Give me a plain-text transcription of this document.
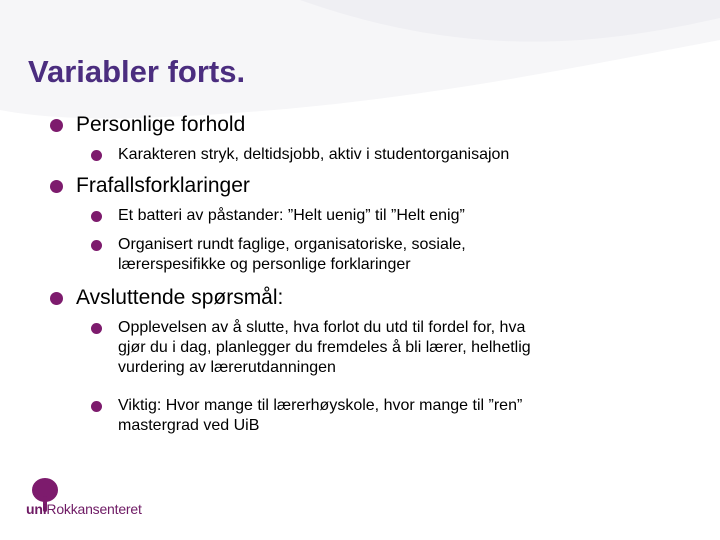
Variabler forts.
Personlige forhold
Karakteren stryk, deltidsjobb, aktiv i studentorganisajon
Frafallsforklaringer
Et batteri av påstander: ”Helt uenig” til ”Helt enig”
Organisert rundt faglige, organisatoriske, sosiale,
lærerspesifikke og personlige forklaringer
Avsluttende spørsmål:
Opplevelsen av å slutte, hva forlot du utd til fordel for, hva
gjør du i dag, planlegger du fremdeles å bli lærer, helhetlig
vurdering av lærerutdanningen
Viktig: Hvor mange til lærerhøyskole, hvor mange til ”ren”
mastergrad ved UiB
uniRokkansenteret
